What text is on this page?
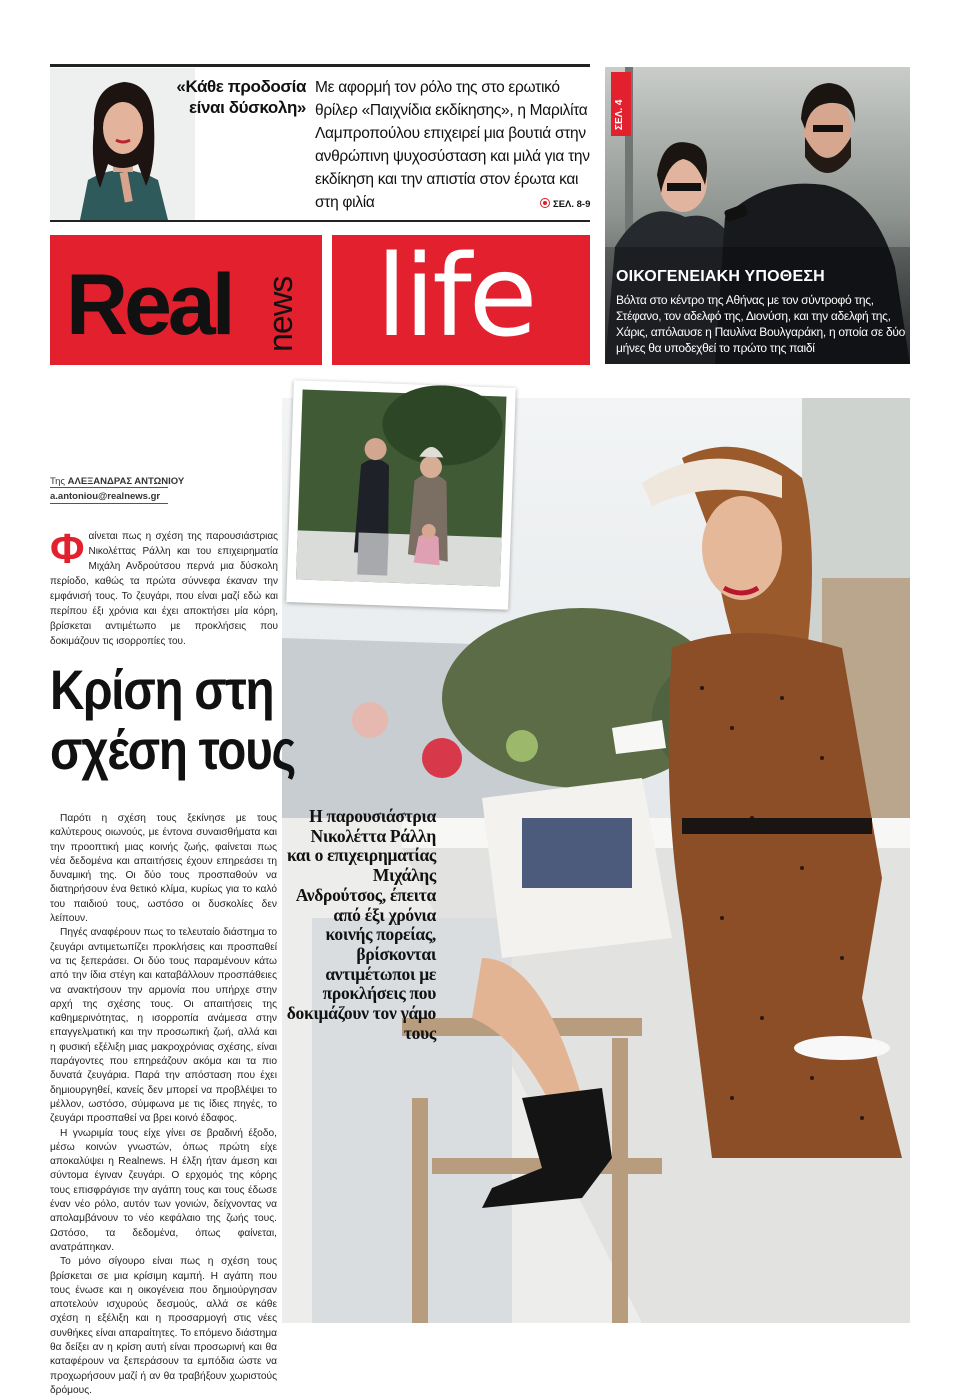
«Κάθε προδοσία είναι δύσκολη»
Με αφορμή τον ρόλο της στο ερωτικό θρίλερ «Παιχνίδια εκδίκησης», η Μαριλίτα Λαμπροπούλου επιχειρεί μια βουτιά στην ανθρώπινη ψυχοσύσταση και μιλά για την εκδίκηση και την απιστία στον έρωτα και στη φιλία	ΣΕΛ. 8-9
Real news life
ΣΕΛ. 4
ΟΙΚΟΓΕΝΕΙΑΚΗ ΥΠΟΘΕΣΗ
Βόλτα στο κέντρο της Αθήνας με τον σύντροφό της, Στέφανο, τον αδελφό της, Διονύση, και την αδελφή της, Χάρις, απόλαυσε η Παυλίνα Βουλγαράκη, η οποία σε δύο μήνες θα υποδεχθεί το πρώτο της παιδί
Της ΑΛΕΞΑΝΔΡΑΣ ΑΝΤΩΝΙΟΥ
a.antoniou@realnews.gr
Φαίνεται πως η σχέση της παρουσιάστριας Νικολέττας Ράλλη και του επιχειρηματία Μιχάλη Ανδρούτσου περνά μια δύσκολη περίοδο, καθώς τα πρώτα σύννεφα έκαναν την εμφάνισή τους. Το ζευγάρι, που είναι μαζί εδώ και περίπου έξι χρόνια και έχει αποκτήσει μία κόρη, βρίσκεται αντιμέτωπο με προκλήσεις που δοκιμάζουν τις ισορροπίες του.
Κρίση στη
σχέση τους

Παρότι η σχέση τους ξεκίνησε με τους καλύτερους οιωνούς, με έντονα συναισθήματα και την προοπτική μιας κοινής ζωής, φαίνεται πως νέα δεδομένα και απαιτήσεις έχουν επηρεάσει τη δυναμική της. Οι δύο τους προσπαθούν να διατηρήσουν ένα θετικό κλίμα, κυρίως για το καλό του παιδιού τους, ωστόσο οι δυσκολίες δεν λείπουν.

Πηγές αναφέρουν πως το τελευταίο διάστημα το ζευγάρι αντιμετωπίζει προκλήσεις και προσπαθεί να τις ξεπεράσει. Οι δύο τους παραμένουν κάτω από την ίδια στέγη και καταβάλλουν προσπάθειες να ανακτήσουν την αρμονία που υπήρχε στην αρχή της σχέσης τους. Οι απαιτήσεις της καθημερινότητας, η ισορροπία ανάμεσα στην επαγγελματική και την προσωπική ζωή, αλλά και η φυσική εξέλιξη μιας μακροχρόνιας σχέσης, είναι παράγοντες που επηρεάζουν ακόμα και τα πιο δυνατά ζευγάρια. Παρά την απόσταση που έχει δημιουργηθεί, κανείς δεν μπορεί να προβλέψει το μέλλον, ωστόσο, σύμφωνα με τις ίδιες πηγές, το ζευγάρι προσπαθεί να βρει κοινό έδαφος.

Η γνωριμία τους είχε γίνει σε βραδινή έξοδο, μέσω κοινών γνωστών, όπως πρώτη είχε αποκαλύψει η Realnews. Η έλξη ήταν άμεση και σύντομα έγιναν ζευγάρι. Ο ερχομός της κόρης τους επισφράγισε την αγάπη τους και τους έδωσε έναν νέο ρόλο, αυτόν των γονιών, δείχνοντας να απολαμβάνουν το νέο κεφάλαιο της ζωής τους. Ωστόσο, τα δεδομένα, όπως φαίνεται, ανατράπηκαν.

Το μόνο σίγουρο είναι πως η σχέση τους βρίσκεται σε μια κρίσιμη καμπή. Η αγάπη που τους ένωσε και η οικογένεια που δημιούργησαν αποτελούν ισχυρούς δεσμούς, αλλά σε κάθε σχέση η εξέλιξη και η προσαρμογή στις νέες συνθήκες είναι απαραίτητες. Το επόμενο διάστημα θα δείξει αν η κρίση αυτή είναι προσωρινή και θα καταφέρουν να ξεπεράσουν τα εμπόδια ώστε να προχωρήσουν μαζί ή αν θα τραβήξουν χωριστούς δρόμους.

Η παρουσιάστρια Νικολέττα Ράλλη και ο επιχειρηματίας Μιχάλης Ανδρούτσος, έπειτα από έξι χρόνια κοινής πορείας, βρίσκονται αντιμέτωποι με προκλήσεις που δοκιμάζουν τον γάμο τους
